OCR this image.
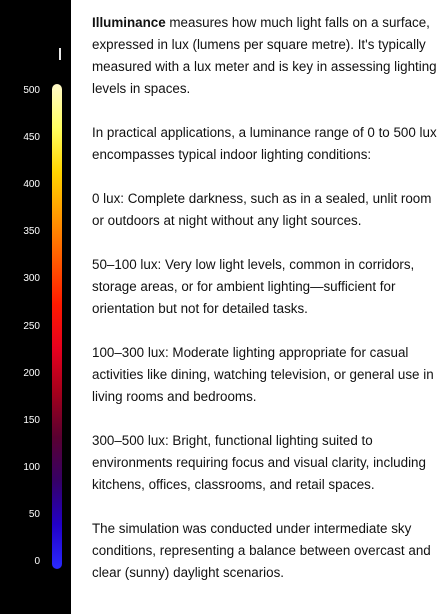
500
450
400
350
300
250
200
150
100
50
0

Illuminance measures how much light falls on a surface, expressed in lux (lumens per square metre). It's typically measured with a lux meter and is key in assessing lighting levels in spaces.

In practical applications, a luminance range of 0 to 500 lux encompasses typical indoor lighting conditions:

0 lux: Complete darkness, such as in a sealed, unlit room or outdoors at night without any light sources.

50–100 lux: Very low light levels, common in corridors, storage areas, or for ambient lighting—sufficient for orientation but not for detailed tasks.

100–300 lux: Moderate lighting appropriate for casual activities like dining, watching television, or general use in living rooms and bedrooms.

300–500 lux: Bright, functional lighting suited to environments requiring focus and visual clarity, including kitchens, offices, classrooms, and retail spaces.

The simulation was conducted under intermediate sky conditions, representing a balance between overcast and clear (sunny) daylight scenarios.
